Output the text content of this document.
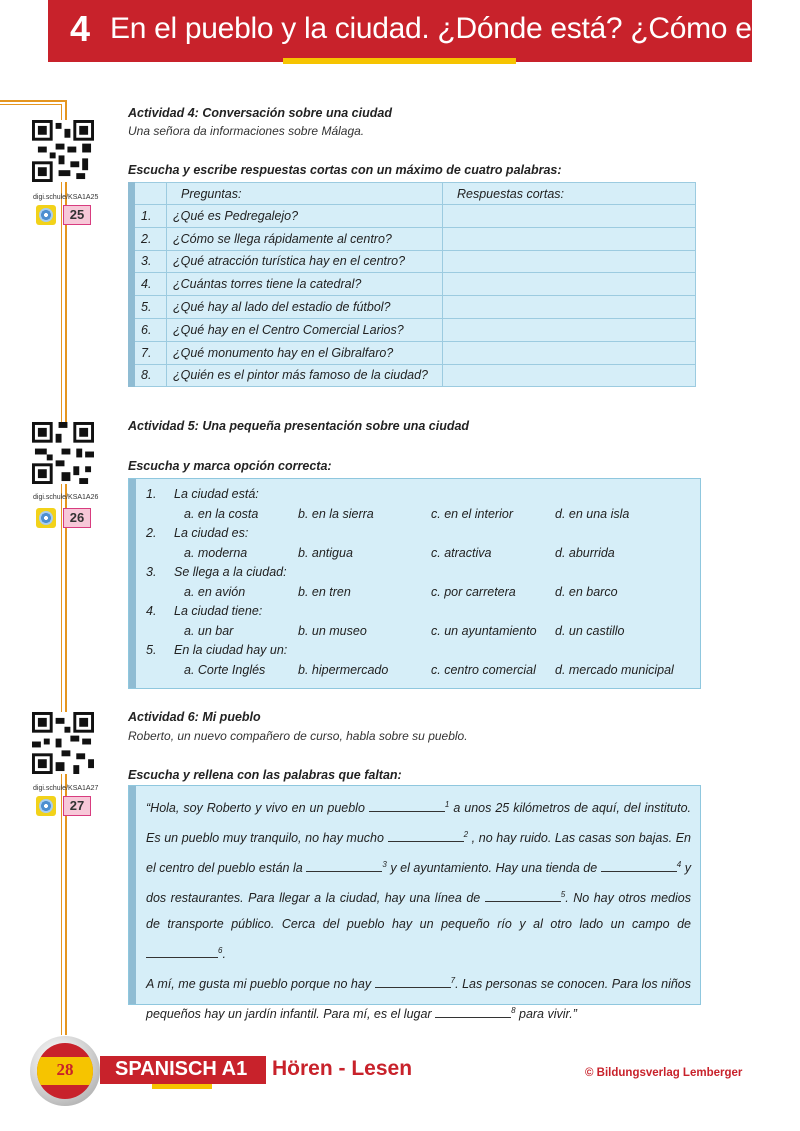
4 En el pueblo y la ciudad. ¿Dónde está? ¿Cómo es?
digi.schule/KSA1A25
25
Actividad 4: Conversación sobre una ciudad
Una señora da informaciones sobre Málaga.
Escucha y escribe respuestas cortas con un máximo de cuatro palabras:
	Preguntas:	Respuestas cortas:
1.	¿Qué es Pedregalejo?	
2.	¿Cómo se llega rápidamente al centro?	
3.	¿Qué atracción turística hay en el centro?	
4.	¿Cuántas torres tiene la catedral?	
5.	¿Qué hay al lado del estadio de fútbol?	
6.	¿Qué hay en el Centro Comercial Larios?	
7.	¿Qué monumento hay en el Gibralfaro?	
8.	¿Quién es el pintor más famoso de la ciudad?	
digi.schule/KSA1A26
26
Actividad 5: Una pequeña presentación sobre una ciudad
Escucha y marca opción correcta:
1. La ciudad está:
a. en la costa	b. en la sierra	c. en el interior	d. en una isla
2. La ciudad es:
a. moderna	b. antigua	c. atractiva	d. aburrida
3. Se llega a la ciudad:
a. en avión	b. en tren	c. por carretera	d. en barco
4. La ciudad tiene:
a. un bar	b. un museo	c. un ayuntamiento d. un castillo
5. En la ciudad hay un:
a. Corte Inglés	b. hipermercado	c. centro comercial d. mercado municipal
digi.schule/KSA1A27
27
Actividad 6: Mi pueblo
Roberto, un nuevo compañero de curso, habla sobre su pueblo.
Escucha y rellena con las palabras que faltan:
“Hola, soy Roberto y vivo en un pueblo	$^1$ a unos 25 kilómetros de aquí, del instituto. Es un pueblo muy tranquilo, no hay mucho	$^2$ , no hay ruido. Las casas son bajas. En el centro del pueblo están la	$^3$ y el ayuntamiento. Hay una tienda de	$^4$ y dos restaurantes. Para llegar a la ciudad, hay una línea de	$^5$. No hay otros medios de transporte público. Cerca del pueblo hay un pequeño río y al otro lado un campo de $^6$.
A mí, me gusta mi pueblo porque no hay	$^7$. Las personas se conocen. Para los niños pequeños hay un jardín infantil. Para mí, es el lugar	$^8$ para vivir.”
28	SPANISCH A1 Hören - Lesen	© Bildungsverlag Lemberger
